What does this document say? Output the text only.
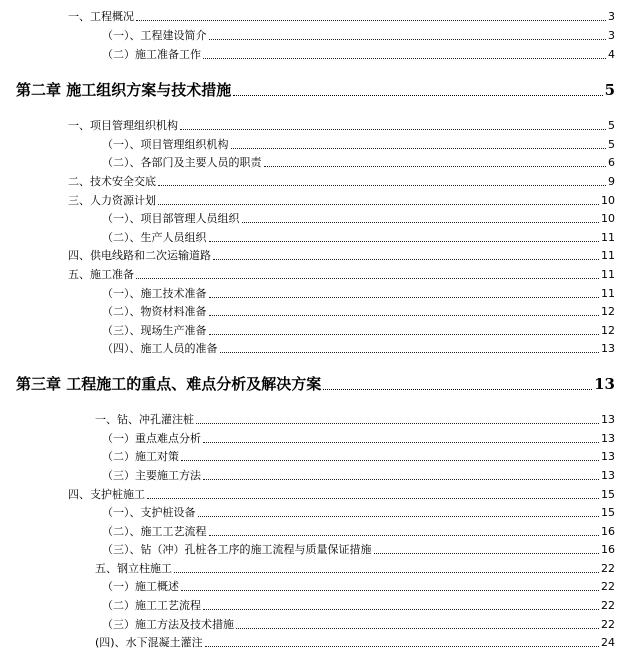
一、工程概况	3
（一）、工程建设简介	3
（二）施工准备工作	4
第二章 施工组织方案与技术措施	5
一、项目管理组织机构	5
（一）、项目管理组织机构	5
（二）、各部门及主要人员的职责	6
二、技术安全交底	9
三、人力资源计划	10
（一）、项目部管理人员组织	10
（二）、生产人员组织	11
四、供电线路和二次运输道路	11
五、施工准备	11
（一）、施工技术准备	11
（二）、物资材料准备	12
（三）、现场生产准备	12
（四）、施工人员的准备	13
第三章 工程施工的重点、难点分析及解决方案	13
一、钻、冲孔灌注桩	13
（一）重点难点分析	13
（二）施工对策	13
（三）主要施工方法	13
四、支护桩施工	15
（一）、支护桩设备	15
（二）、施工工艺流程	16
（三）、钻（冲）孔桩各工序的施工流程与质量保证措施	16
五、钢立柱施工	22
（一）施工概述	22
（二）施工工艺流程	22
（三）施工方法及技术措施	22
(四)、水下混凝土灌注	24
